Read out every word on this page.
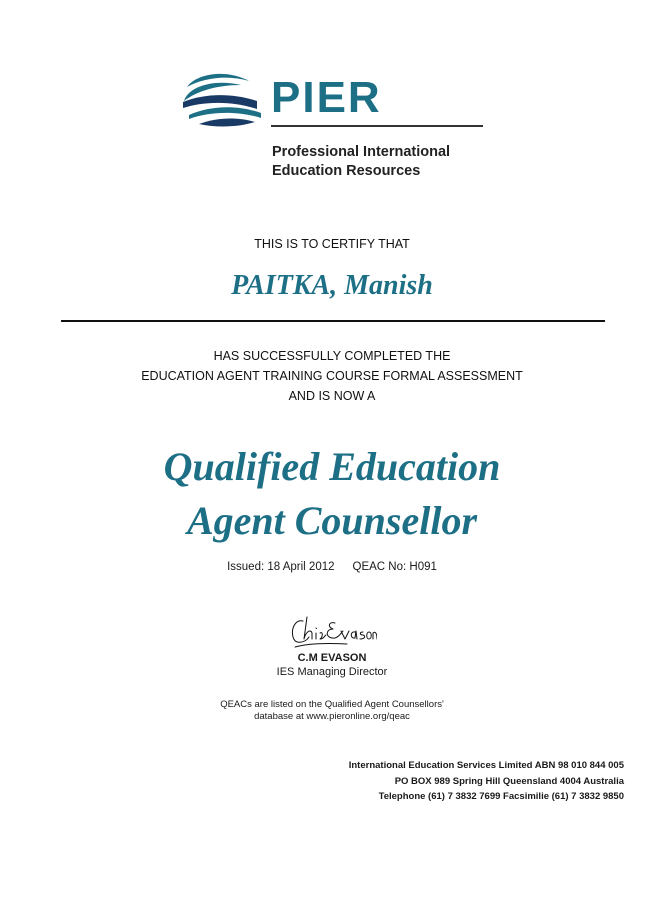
PIER
Professional International
Education Resources
THIS IS TO CERTIFY THAT
PAITKA, Manish
HAS SUCCESSFULLY COMPLETED THE
EDUCATION AGENT TRAINING COURSE FORMAL ASSESSMENT
AND IS NOW A
Qualified Education
Agent Counsellor
Issued: 18 April 2012 QEAC No: H091
C.M EVASON
IES Managing Director
QEACs are listed on the Qualified Agent Counsellors'
database at www.pieronline.org/qeac
International Education Services Limited ABN 98 010 844 005
PO BOX 989 Spring Hill Queensland 4004 Australia
Telephone (61) 7 3832 7699 Facsimilie (61) 7 3832 9850
